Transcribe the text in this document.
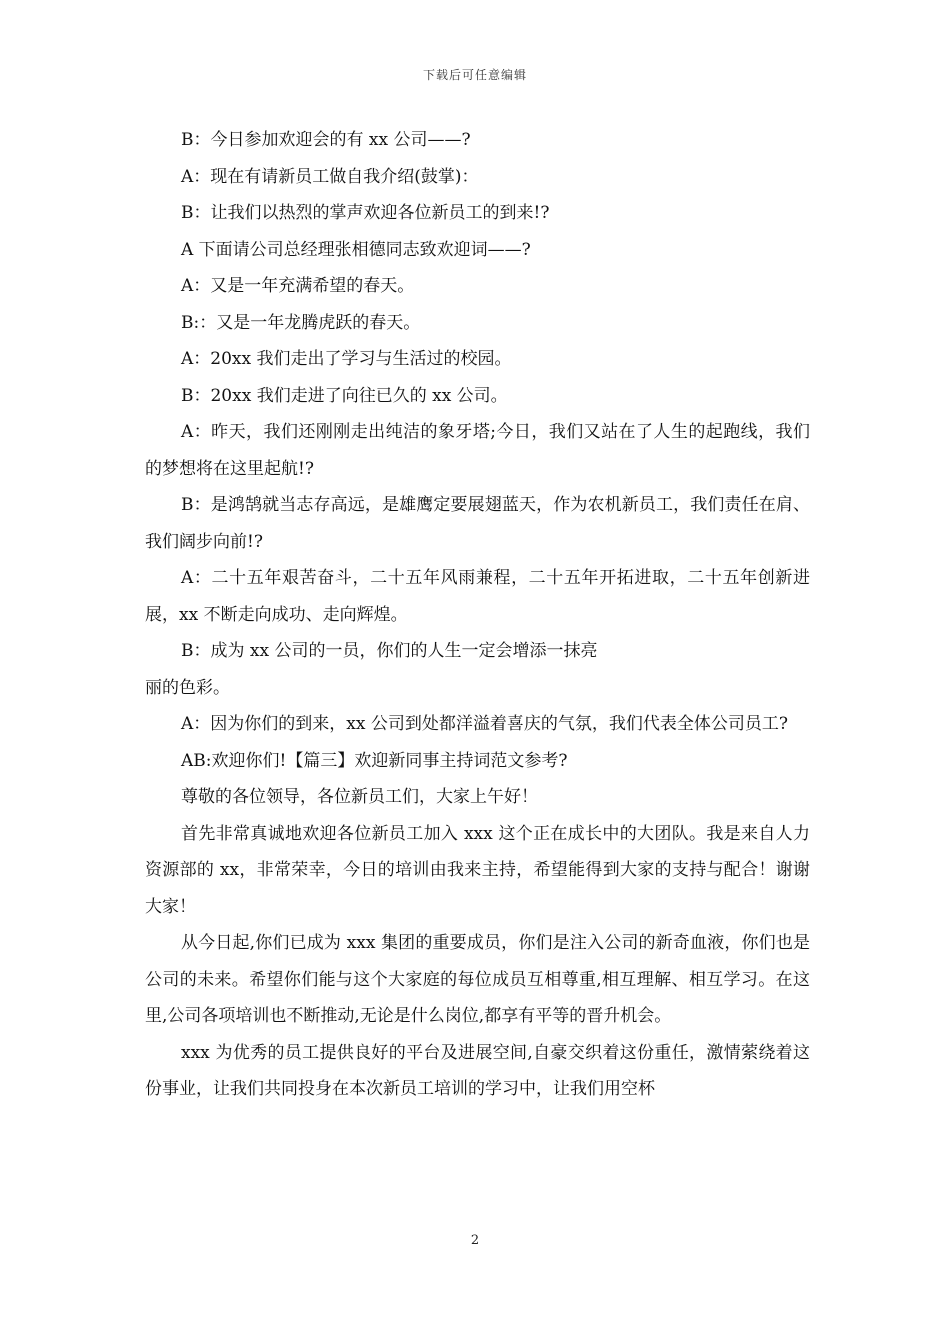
下载后可任意编辑

B：今日参加欢迎会的有 xx 公司——?

A：现在有请新员工做自我介绍(鼓掌)：

B：让我们以热烈的掌声欢迎各位新员工的到来!?

A 下面请公司总经理张相德同志致欢迎词——?

A：又是一年充满希望的春天。

B:：又是一年龙腾虎跃的春天。

A：20xx 我们走出了学习与生活过的校园。

B：20xx 我们走进了向往已久的 xx 公司。

A：昨天，我们还刚刚走出纯洁的象牙塔;今日，我们又站在了人生的起跑线，我们的梦想将在这里起航!?

B：是鸿鹄就当志存高远，是雄鹰定要展翅蓝天，作为农机新员工，我们责任在肩、我们阔步向前!?

A：二十五年艰苦奋斗，二十五年风雨兼程，二十五年开拓进取，二十五年创新进展，xx 不断走向成功、走向辉煌。

B：成为 xx 公司的一员，你们的人生一定会增添一抹亮

丽的色彩。

A：因为你们的到来，xx 公司到处都洋溢着喜庆的气氛，我们代表全体公司员工?

AB:欢迎你们!【篇三】欢迎新同事主持词范文参考?

尊敬的各位领导，各位新员工们，大家上午好！

首先非常真诚地欢迎各位新员工加入 xxx 这个正在成长中的大团队。我是来自人力资源部的 xx，非常荣幸，今日的培训由我来主持，希望能得到大家的支持与配合！谢谢大家！

从今日起,你们已成为 xxx 集团的重要成员，你们是注入公司的新奇血液，你们也是公司的未来。希望你们能与这个大家庭的每位成员互相尊重,相互理解、相互学习。在这里,公司各项培训也不断推动,无论是什么岗位,都享有平等的晋升机会。

xxx 为优秀的员工提供良好的平台及进展空间,自豪交织着这份重任，激情萦绕着这份事业，让我们共同投身在本次新员工培训的学习中，让我们用空杯

2
